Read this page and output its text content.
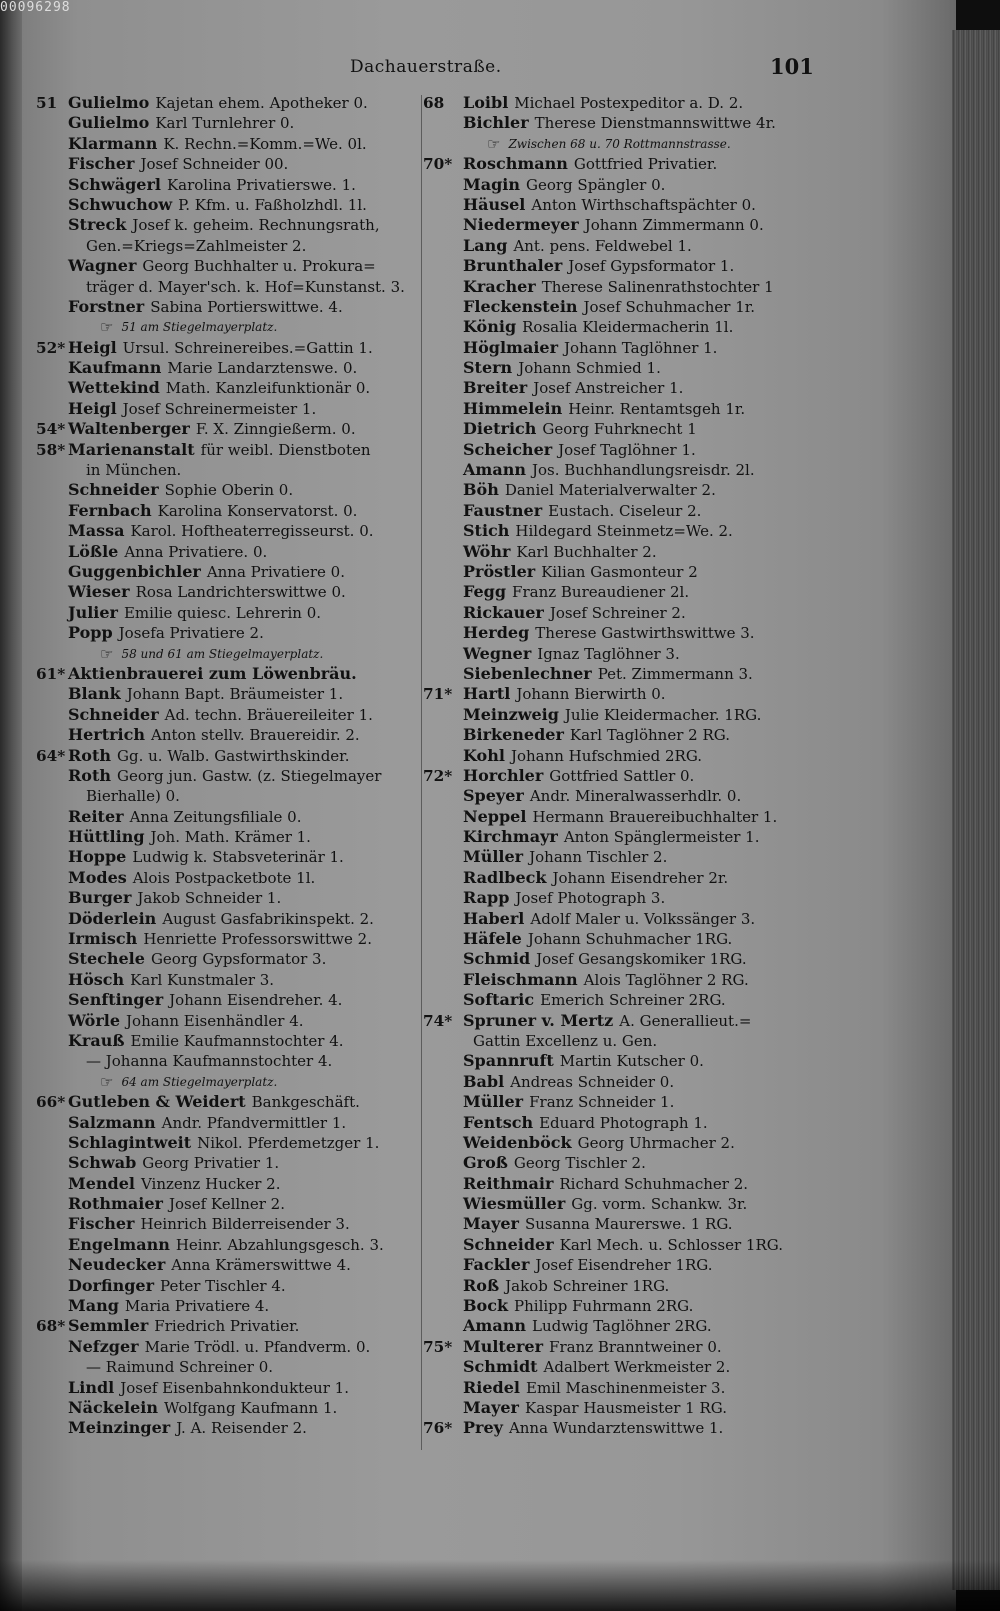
00096298
Dachauerstraße.	101
51 Gulielmo Kajetan ehem. Apotheker 0.
Gulielmo Karl Turnlehrer 0.
Klarmann K. Rechn.=Komm.=We. 0l.
Fischer Josef Schneider 00.
Schwägerl Karolina Privatierswe. 1.
Schwuchow P. Kfm. u. Faßholzhdl. 1l.
Streck Josef k. geheim. Rechnungsrath,
Gen.=Kriegs=Zahlmeister 2.
Wagner Georg Buchhalter u. Prokura=
träger d. Mayer'sch. k. Hof=Kunstanst. 3.
Forstner Sabina Portierswittwe. 4.
☞ 51 am Stiegelmayerplatz.
52* Heigl Ursul. Schreinereibes.=Gattin 1.
Kaufmann Marie Landarztenswe. 0.
Wettekind Math. Kanzleifunktionär 0.
Heigl Josef Schreinermeister 1.
54* Waltenberger F. X. Zinngießerm. 0.
58* Marienanstalt für weibl. Dienstboten
in München.
Schneider Sophie Oberin 0.
Fernbach Karolina Konservatorst. 0.
Massa Karol. Hoftheaterregisseurst. 0.
Lößle Anna Privatiere. 0.
Guggenbichler Anna Privatiere 0.
Wieser Rosa Landrichterswittwe 0.
Julier Emilie quiesc. Lehrerin 0.
Popp Josefa Privatiere 2.
☞ 58 und 61 am Stiegelmayerplatz.
61* Aktienbrauerei zum Löwenbräu.
Blank Johann Bapt. Bräumeister 1.
Schneider Ad. techn. Bräuereileiter 1.
Hertrich Anton stellv. Brauereidir. 2.
64* Roth Gg. u. Walb. Gastwirthskinder.
Roth Georg jun. Gastw. (z. Stiegelmayer
Bierhalle) 0.
Reiter Anna Zeitungsfiliale 0.
Hüttling Joh. Math. Krämer 1.
Hoppe Ludwig k. Stabsveterinär 1.
Modes Alois Postpacketbote 1l.
Burger Jakob Schneider 1.
Döderlein August Gasfabrikinspekt. 2.
Irmisch Henriette Professorswittwe 2.
Stechele Georg Gypsformator 3.
Hösch Karl Kunstmaler 3.
Senftinger Johann Eisendreher. 4.
Wörle Johann Eisenhändler 4.
Krauß Emilie Kaufmannstochter 4.
— Johanna Kaufmannstochter 4.
☞ 64 am Stiegelmayerplatz.
66* Gutleben & Weidert Bankgeschäft.
Salzmann Andr. Pfandvermittler 1.
Schlagintweit Nikol. Pferdemetzger 1.
Schwab Georg Privatier 1.
Mendel Vinzenz Hucker 2.
Rothmaier Josef Kellner 2.
Fischer Heinrich Bilderreisender 3.
Engelmann Heinr. Abzahlungsgesch. 3.
Neudecker Anna Krämerswittwe 4.
Dorfinger Peter Tischler 4.
Mang Maria Privatiere 4.
68* Semmler Friedrich Privatier.
Nefzger Marie Trödl. u. Pfandverm. 0.
— Raimund Schreiner 0.
Lindl Josef Eisenbahnkondukteur 1.
Näckelein Wolfgang Kaufmann 1.
Meinzinger J. A. Reisender 2.
68	Loibl Michael Postexpeditor a. D. 2.
Bichler Therese Dienstmannswittwe 4r.
☞ Zwischen 68 u. 70 Rottmannstrasse.
70* Roschmann Gottfried Privatier.
Magin Georg Spängler 0.
Häusel Anton Wirthschaftspächter 0.
Niedermeyer Johann Zimmermann 0.
Lang Ant. pens. Feldwebel 1.
Brunthaler Josef Gypsformator 1.
Kracher Therese Salinenrathstochter 1
Fleckenstein Josef Schuhmacher 1r.
König Rosalia Kleidermacherin 1l.
Höglmaier Johann Taglöhner 1.
Stern Johann Schmied 1.
Breiter Josef Anstreicher 1.
Himmelein Heinr. Rentamtsgeh 1r.
Dietrich Georg Fuhrknecht 1
Scheicher Josef Taglöhner 1.
Amann Jos. Buchhandlungsreisdr. 2l.
Böh Daniel Materialverwalter 2.
Faustner Eustach. Ciseleur 2.
Stich Hildegard Steinmetz=We. 2.
Wöhr Karl Buchhalter 2.
Pröstler Kilian Gasmonteur 2
Fegg Franz Bureaudiener 2l.
Rickauer Josef Schreiner 2.
Herdeg Therese Gastwirthswittwe 3.
Wegner Ignaz Taglöhner 3.
Siebenlechner Pet. Zimmermann 3.
71* Hartl Johann Bierwirth 0.
Meinzweig Julie Kleidermacher. 1RG.
Birkeneder Karl Taglöhner 2 RG.
Kohl Johann Hufschmied 2RG.
72* Horchler Gottfried Sattler 0.
Speyer Andr. Mineralwasserhdlr. 0.
Neppel Hermann Brauereibuchhalter 1.
Kirchmayr Anton Spänglermeister 1.
Müller Johann Tischler 2.
Radlbeck Johann Eisendreher 2r.
Rapp Josef Photograph 3.
Haberl Adolf Maler u. Volkssänger 3.
Häfele Johann Schuhmacher 1RG.
Schmid Josef Gesangskomiker 1RG.
Fleischmann Alois Taglöhner 2 RG.
Softaric Emerich Schreiner 2RG.
74* Spruner v. Mertz A. Generallieut.=
Gattin Excellenz u. Gen.
Spannruft Martin Kutscher 0.
Babl Andreas Schneider 0.
Müller Franz Schneider 1.
Fentsch Eduard Photograph 1.
Weidenböck Georg Uhrmacher 2.
Groß Georg Tischler 2.
Reithmair Richard Schuhmacher 2.
Wiesmüller Gg. vorm. Schankw. 3r.
Mayer Susanna Maurerswe. 1 RG.
Schneider Karl Mech. u. Schlosser 1RG.
Fackler Josef Eisendreher 1RG.
Roß Jakob Schreiner 1RG.
Bock Philipp Fuhrmann 2RG.
Amann Ludwig Taglöhner 2RG.
75* Multerer Franz Branntweiner 0.
Schmidt Adalbert Werkmeister 2.
Riedel Emil Maschinenmeister 3.
Mayer Kaspar Hausmeister 1 RG.
76* Prey Anna Wundarztenswittwe 1.
